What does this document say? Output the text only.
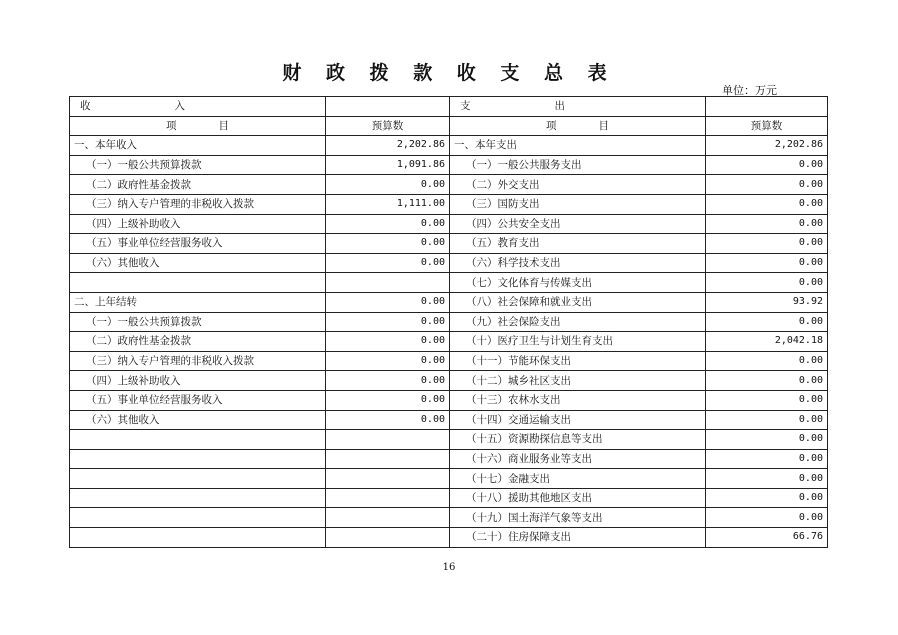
财 政 拨 款 收 支 总 表
单位：万元
收　　　　　　　　入		支　　　　　　　　出	
项　　　　目	预算数	项　　　　目	预算数
一、本年收入	2,202.86	一、本年支出	2,202.86
（一）一般公共预算拨款	1,091.86	（一）一般公共服务支出	0.00
（二）政府性基金拨款	0.00	（二）外交支出	0.00
（三）纳入专户管理的非税收入拨款	1,111.00	（三）国防支出	0.00
（四）上级补助收入	0.00	（四）公共安全支出	0.00
（五）事业单位经营服务收入	0.00	（五）教育支出	0.00
（六）其他收入	0.00	（六）科学技术支出	0.00
		（七）文化体育与传媒支出	0.00
二、上年结转	0.00	（八）社会保障和就业支出	93.92
（一）一般公共预算拨款	0.00	（九）社会保险支出	0.00
（二）政府性基金拨款	0.00	（十）医疗卫生与计划生育支出	2,042.18
（三）纳入专户管理的非税收入拨款	0.00	（十一）节能环保支出	0.00
（四）上级补助收入	0.00	（十二）城乡社区支出	0.00
（五）事业单位经营服务收入	0.00	（十三）农林水支出	0.00
（六）其他收入	0.00	（十四）交通运输支出	0.00
		（十五）资源勘探信息等支出	0.00
		（十六）商业服务业等支出	0.00
		（十七）金融支出	0.00
		（十八）援助其他地区支出	0.00
		（十九）国土海洋气象等支出	0.00
		（二十）住房保障支出	66.76
16
